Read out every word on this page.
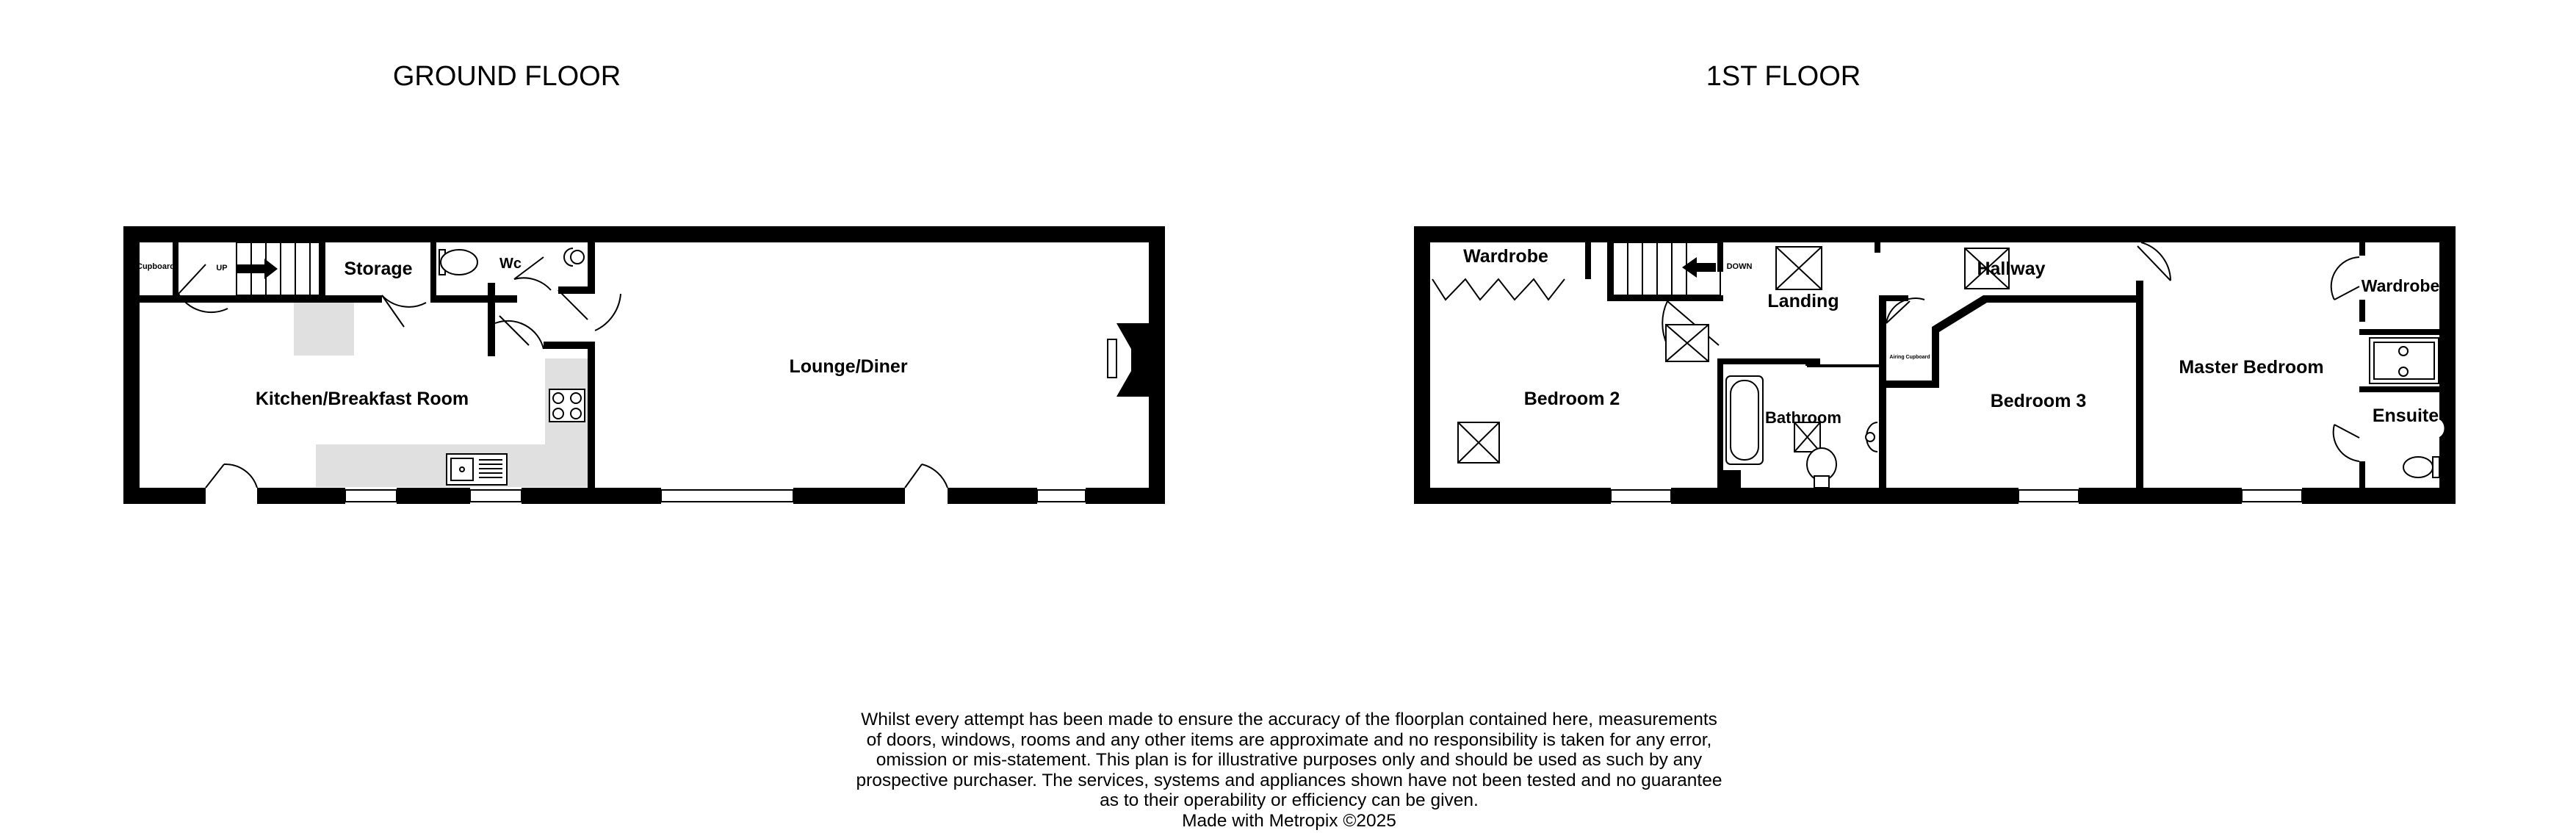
GROUND FLOOR
Cupboard	UP	Storage	Wc
Kitchen/Breakfast Room
Lounge/Diner
1ST FLOOR
Wardrobe	DOWN
Landing
Hallway
Airing Cupboard
Bedroom 2
Bathroom
Bedroom 3
Master Bedroom
Wardrobe
Ensuite
Whilst every attempt has been made to ensure the accuracy of the floorplan contained here, measurements
of doors, windows, rooms and any other items are approximate and no responsibility is taken for any error,
omission or mis-statement. This plan is for illustrative purposes only and should be used as such by any
prospective purchaser. The services, systems and appliances shown have not been tested and no guarantee
as to their operability or efficiency can be given.
Made with Metropix ©2025
